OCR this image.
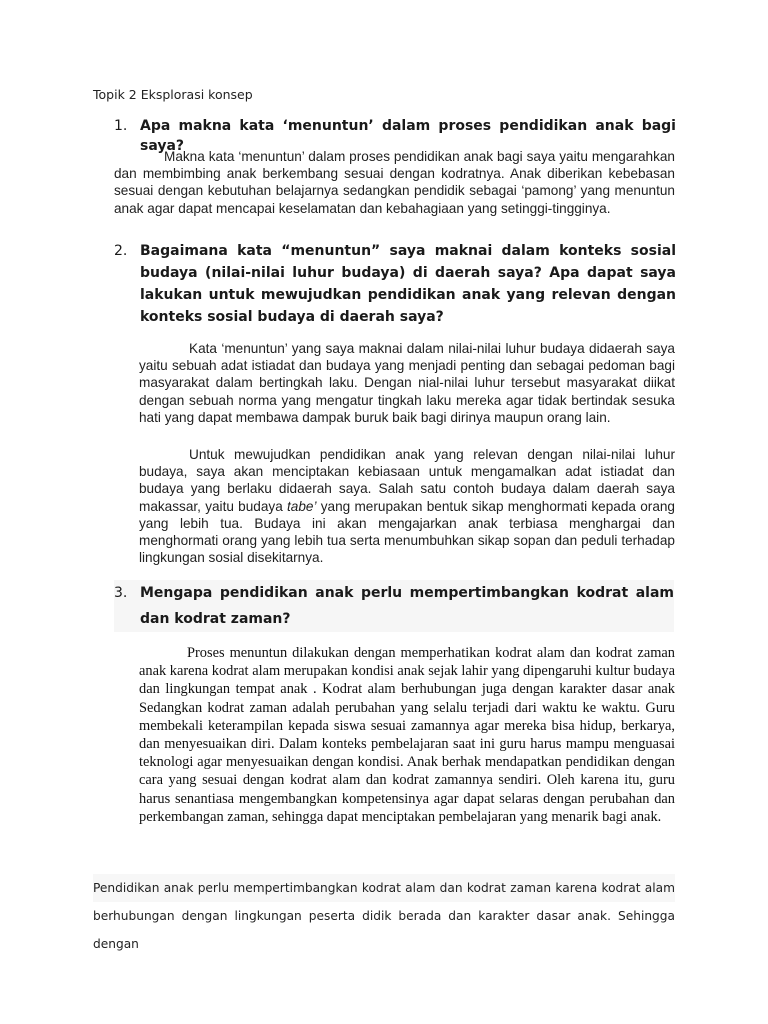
Topik 2 Eksplorasi konsep
1. Apa makna kata ‘menuntun’ dalam proses pendidikan anak bagi saya?

Makna kata ‘menuntun’ dalam proses pendidikan anak bagi saya yaitu mengarahkan dan membimbing anak berkembang sesuai dengan kodratnya. Anak diberikan kebebasan sesuai dengan kebutuhan belajarnya sedangkan pendidik sebagai ‘pamong’ yang menuntun anak agar dapat mencapai keselamatan dan kebahagiaan yang setinggi-tingginya.

2. Bagaimana kata “menuntun” saya maknai dalam konteks sosial budaya (nilai-nilai luhur budaya) di daerah saya? Apa dapat saya lakukan untuk mewujudkan pendidikan anak yang relevan dengan konteks sosial budaya di daerah saya?

Kata ‘menuntun’ yang saya maknai dalam nilai-nilai luhur budaya didaerah saya yaitu sebuah adat istiadat dan budaya yang menjadi penting dan sebagai pedoman bagi masyarakat dalam bertingkah laku. Dengan nial-nilai luhur tersebut masyarakat diikat dengan sebuah norma yang mengatur tingkah laku mereka agar tidak bertindak sesuka hati yang dapat membawa dampak buruk baik bagi dirinya maupun orang lain.

Untuk mewujudkan pendidikan anak yang relevan dengan nilai-nilai luhur budaya, saya akan menciptakan kebiasaan untuk mengamalkan adat istiadat dan budaya yang berlaku didaerah saya. Salah satu contoh budaya dalam daerah saya makassar, yaitu budaya tabe’ yang merupakan bentuk sikap menghormati kepada orang yang lebih tua. Budaya ini akan mengajarkan anak terbiasa menghargai dan menghormati orang yang lebih tua serta menumbuhkan sikap sopan dan peduli terhadap lingkungan sosial disekitarnya.

3. Mengapa pendidikan anak perlu mempertimbangkan kodrat alam dan kodrat zaman?

Proses menuntun dilakukan dengan memperhatikan kodrat alam dan kodrat zaman anak karena kodrat alam merupakan kondisi anak sejak lahir yang dipengaruhi kultur budaya dan lingkungan tempat anak . Kodrat alam berhubungan juga dengan karakter dasar anak Sedangkan kodrat zaman adalah perubahan yang selalu terjadi dari waktu ke waktu. Guru membekali keterampilan kepada siswa sesuai zamannya agar mereka bisa hidup, berkarya, dan menyesuaikan diri. Dalam konteks pembelajaran saat ini guru harus mampu menguasai teknologi agar menyesuaikan dengan kondisi. Anak berhak mendapatkan pendidikan dengan cara yang sesuai dengan kodrat alam dan kodrat zamannya sendiri. Oleh karena itu, guru harus senantiasa mengembangkan kompetensinya agar dapat selaras dengan perubahan dan perkembangan zaman, sehingga dapat menciptakan pembelajaran yang menarik bagi anak.

Pendidikan anak perlu mempertimbangkan kodrat alam dan kodrat zaman karena kodrat alam
berhubungan dengan lingkungan peserta didik berada dan karakter dasar anak. Sehingga dengan
